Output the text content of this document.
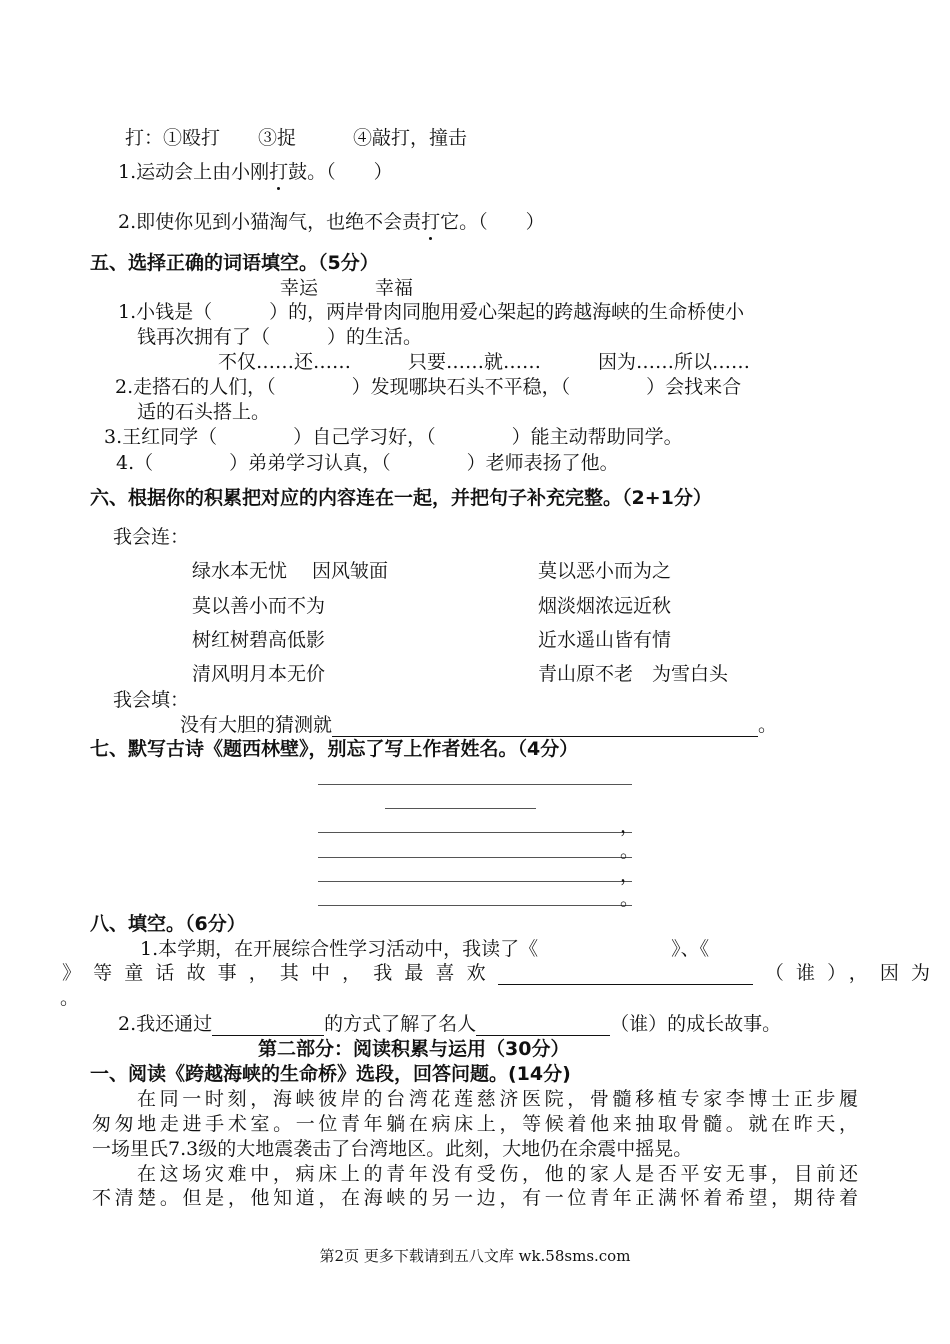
打：①殴打　　③捉　　　④敲打，撞击
1.运动会上由小刚打鼓。（　　）
2.即使你见到小猫淘气，也绝不会责打它。（　　）
五、选择正确的词语填空。（5分）
幸运　　　幸福
1.小钱是（　　　）的，两岸骨肉同胞用爱心架起的跨越海峡的生命桥使小
钱再次拥有了（　　　）的生活。
不仅……还……　　　只要……就……　　　因为……所以……
2.走搭石的人们，（　　　　）发现哪块石头不平稳，（　　　　）会找来合
适的石头搭上。
3.王红同学（　　　　）自己学习好，（　　　　）能主动帮助同学。
4.（　　　　）弟弟学习认真，（　　　　）老师表扬了他。
六、根据你的积累把对应的内容连在一起，并把句子补充完整。（2+1分）
我会连：
绿水本无忧　 因风皱面
莫以善小而不为
树红树碧高低影
清风明月本无价
莫以恶小而为之
烟淡烟浓远近秋
近水遥山皆有情
青山原不老　为雪白头
我会填：
没有大胆的猜测就	。
七、默写古诗《题西林壁》，别忘了写上作者姓名。（4分）
，
。
，
。
八、填空。（6分）
1.本学期，在开展综合性学习活动中，我读了《　　　　　　　》、《
》等童话故事，其中，我最喜欢	（谁），因为
。
2.我还通过	的方式了解了名人	（谁）的成长故事。
第二部分：阅读积累与运用（30分）
一、阅读《跨越海峡的生命桥》选段，回答问题。(14分)
在同一时刻，海峡彼岸的台湾花莲慈济医院，骨髓移植专家李博士正步履
匆匆地走进手术室。一位青年躺在病床上，等候着他来抽取骨髓。就在昨天，
一场里氏7.3级的大地震袭击了台湾地区。此刻，大地仍在余震中摇晃。
在这场灾难中，病床上的青年没有受伤，他的家人是否平安无事，目前还
不清楚。但是，他知道，在海峡的另一边，有一位青年正满怀着希望，期待着
第2页 更多下载请到五八文库 wk.58sms.com
